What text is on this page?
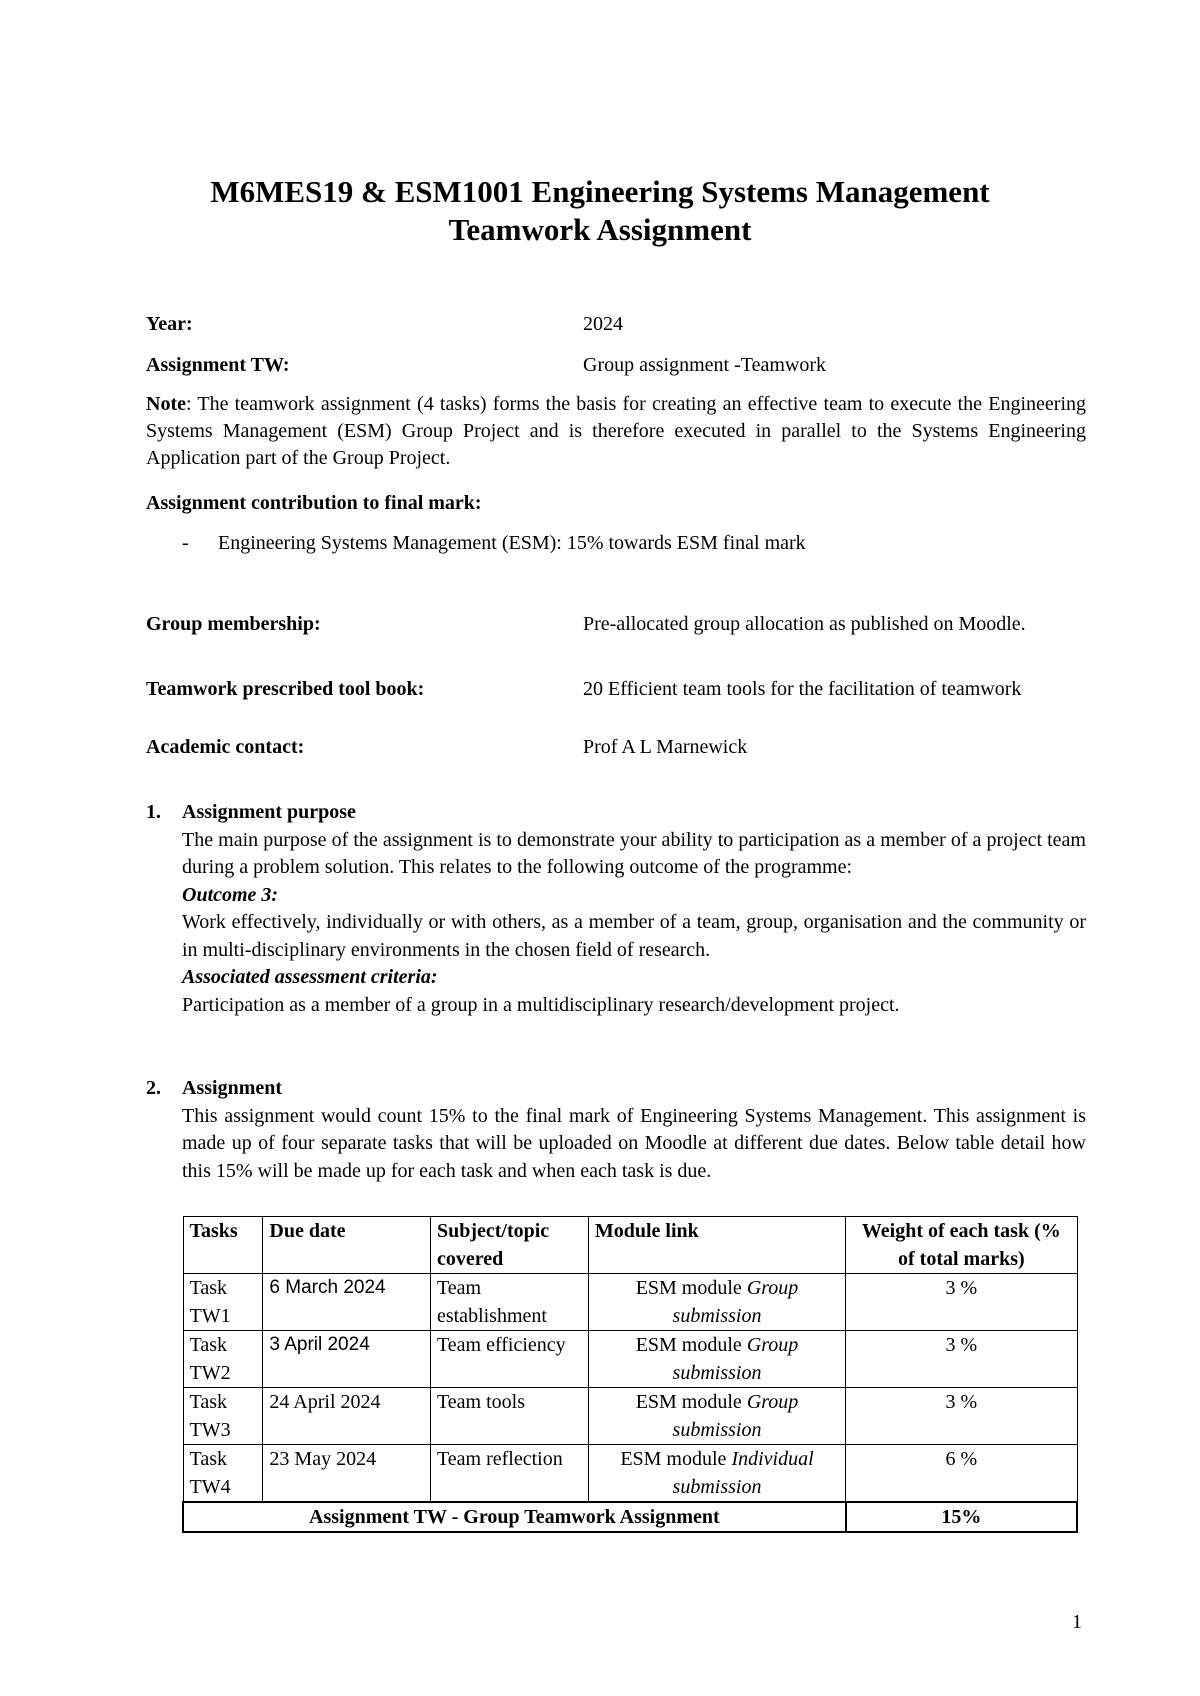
M6MES19 & ESM1001 Engineering Systems Management
Teamwork Assignment
Year:	2024
Assignment TW:	Group assignment -Teamwork
Note: The teamwork assignment (4 tasks) forms the basis for creating an effective team to execute the Engineering Systems Management (ESM) Group Project and is therefore executed in parallel to the Systems Engineering Application part of the Group Project.
Assignment contribution to final mark:
- Engineering Systems Management (ESM): 15% towards ESM final mark
Group membership:	Pre-allocated group allocation as published on Moodle.
Teamwork prescribed tool book:	20 Efficient team tools for the facilitation of teamwork
Academic contact:	Prof A L Marnewick
1. Assignment purpose
The main purpose of the assignment is to demonstrate your ability to participation as a member of a project team during a problem solution. This relates to the following outcome of the programme:
Outcome 3:
Work effectively, individually or with others, as a member of a team, group, organisation and the community or in multi-disciplinary environments in the chosen field of research.
Associated assessment criteria:
Participation as a member of a group in a multidisciplinary research/development project.
2. Assignment
This assignment would count 15% to the final mark of Engineering Systems Management. This assignment is made up of four separate tasks that will be uploaded on Moodle at different due dates. Below table detail how this 15% will be made up for each task and when each task is due.
Tasks	Due date	Subject/topic covered	Module link	Weight of each task (% of total marks)
Task TW1	6 March 2024	Team establishment	ESM module Group submission	3 %
Task TW2	3 April 2024	Team efficiency	ESM module Group submission	3 %
Task TW3	24 April 2024	Team tools	ESM module Group submission	3 %
Task TW4	23 May 2024	Team reflection	ESM module Individual submission	6 %
Assignment TW - Group Teamwork Assignment				15%
1
